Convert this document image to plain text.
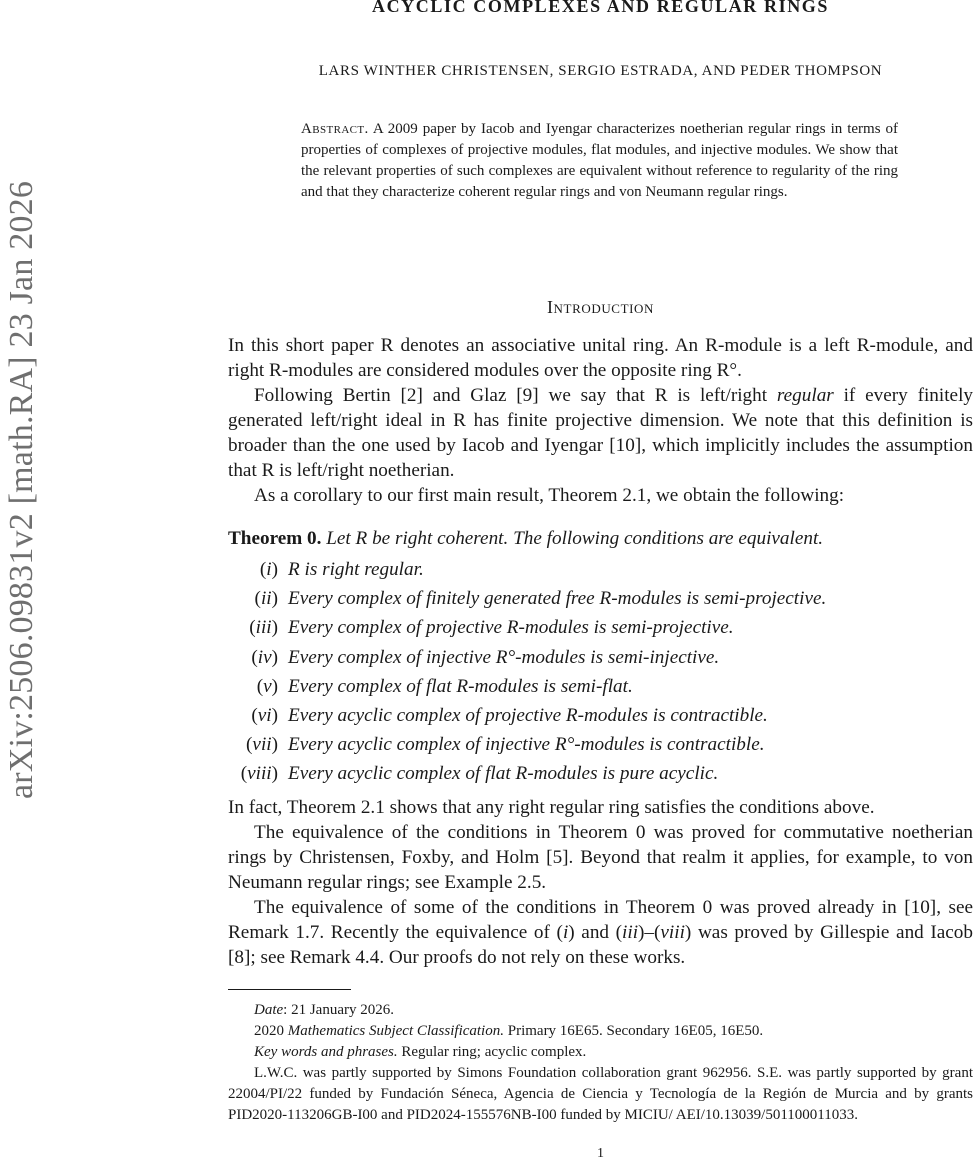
arXiv:2506.09831v2 [math.RA] 23 Jan 2026
ACYCLIC COMPLEXES AND REGULAR RINGS
LARS WINTHER CHRISTENSEN, SERGIO ESTRADA, AND PEDER THOMPSON
Abstract. A 2009 paper by Iacob and Iyengar characterizes noetherian regular rings in terms of properties of complexes of projective modules, flat modules, and injective modules. We show that the relevant properties of such complexes are equivalent without reference to regularity of the ring and that they characterize coherent regular rings and von Neumann regular rings.
Introduction

In this short paper R denotes an associative unital ring. An R-module is a left R-module, and right R-modules are considered modules over the opposite ring R°.

Following Bertin [2] and Glaz [9] we say that R is left/right regular if every finitely generated left/right ideal in R has finite projective dimension. We note that this definition is broader than the one used by Iacob and Iyengar [10], which implicitly includes the assumption that R is left/right noetherian.

As a corollary to our first main result, Theorem 2.1, we obtain the following:

Theorem 0. Let R be right coherent. The following conditions are equivalent.

(i) R is right regular.
(ii) Every complex of finitely generated free R-modules is semi-projective.
(iii) Every complex of projective R-modules is semi-projective.
(iv) Every complex of injective R°-modules is semi-injective.
(v) Every complex of flat R-modules is semi-flat.
(vi) Every acyclic complex of projective R-modules is contractible.
(vii) Every acyclic complex of injective R°-modules is contractible.
(viii) Every acyclic complex of flat R-modules is pure acyclic.

In fact, Theorem 2.1 shows that any right regular ring satisfies the conditions above.

The equivalence of the conditions in Theorem 0 was proved for commutative noetherian rings by Christensen, Foxby, and Holm [5]. Beyond that realm it applies, for example, to von Neumann regular rings; see Example 2.5.

The equivalence of some of the conditions in Theorem 0 was proved already in [10], see Remark 1.7. Recently the equivalence of (i) and (iii)–(viii) was proved by Gillespie and Iacob [8]; see Remark 4.4. Our proofs do not rely on these works.

Date: 21 January 2026.

2020 Mathematics Subject Classification. Primary 16E65. Secondary 16E05, 16E50.

Key words and phrases. Regular ring; acyclic complex.

L.W.C. was partly supported by Simons Foundation collaboration grant 962956. S.E. was partly supported by grant 22004/PI/22 funded by Fundación Séneca, Agencia de Ciencia y Tecnología de la Región de Murcia and by grants PID2020-113206GB-I00 and PID2024-155576NB-I00 funded by MICIU/ AEI/10.13039/501100011033.

1
